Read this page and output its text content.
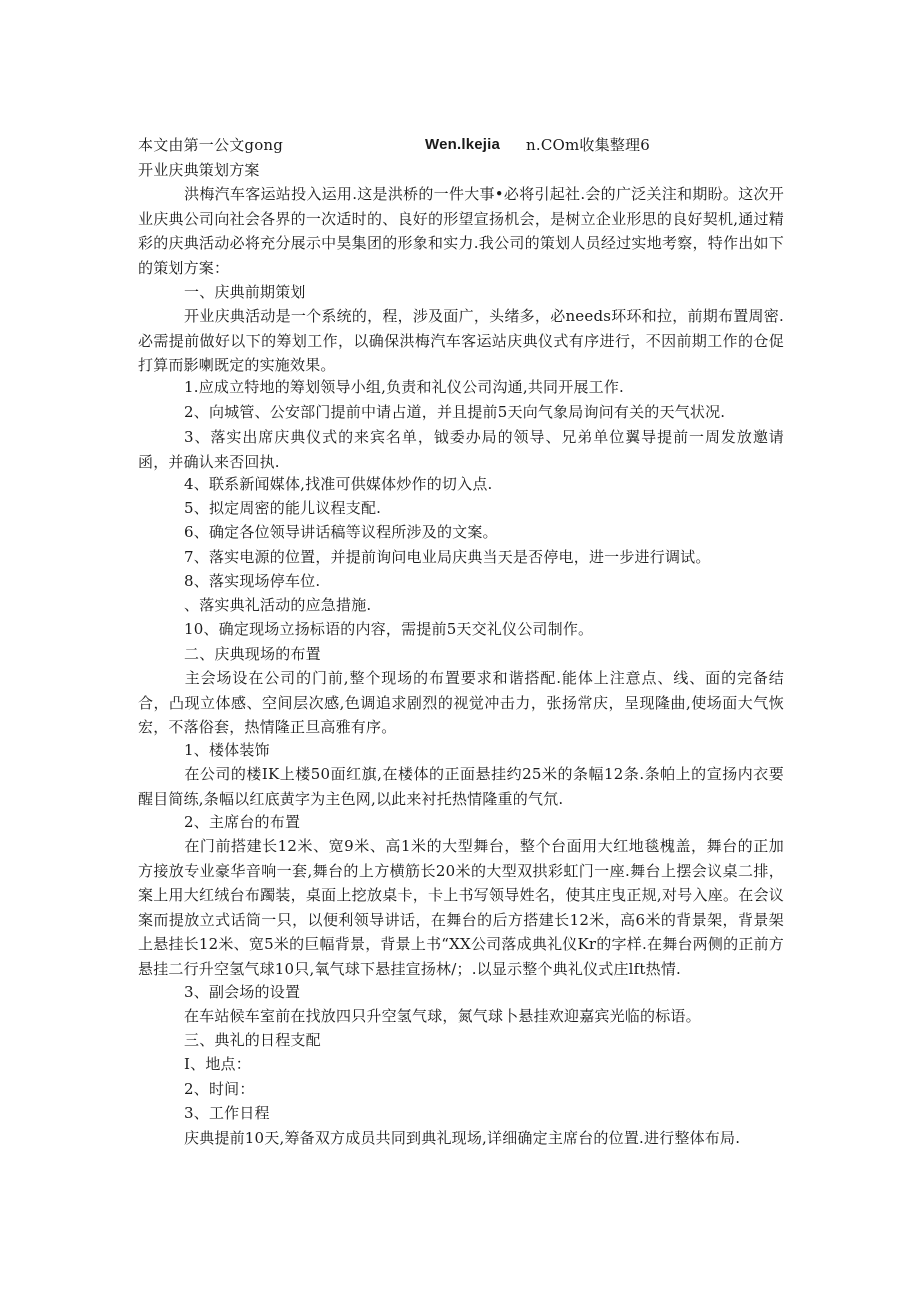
本文由第一公文gong	Wen.lkejia n.COm收集整理6
开业庆典策划方案
洪梅汽车客运站投入运用.这是洪桥的一件大事•必将引起社.会的广泛关注和期盼。这次开业庆典公司向社会各界的一次适时的、良好的形望宣扬机会，是树立企业形思的良好契机,通过精彩的庆典活动必将充分展示中昊集团的形象和实力.我公司的策划人员经过实地考察，特作出如下的策划方案：
一、庆典前期策划
开业庆典活动是一个系统的，程，涉及面广，头绪多，必needs环环和拉，前期布置周密.必需提前做好以下的筹划工作，以确保洪梅汽车客运站庆典仪式有序进行，不因前期工作的仓促打算而影喇既定的实施效果。
1.应成立特地的筹划领导小组,负责和礼仪公司沟通,共同开展工作.
2、向城管、公安部门提前中请占道，并且提前5天向气象局询问有关的天气状况.
3、落实出席庆典仪式的来宾名单，钺委办局的领导、兄弟单位翼导提前一周发放邀请函，并确认来否回执.
4、联系新闻媒体,找准可供媒体炒作的切入点.
5、拟定周密的能儿议程支配.
6、确定各位领导讲话稿等议程所涉及的文案。
7、落实电源的位置，并提前询问电业局庆典当天是否停电，进一步进行调试。
8、落实现场停车位.
、落实典礼活动的应急措施.
10、确定现场立扬标语的内容，需提前5天交礼仪公司制作。
二、庆典现场的布置
主会场设在公司的门前,整个现场的布置要求和谐搭配.能体上注意点、线、面的完备结合，凸现立体感、空间层次感,色调追求剧烈的视觉冲击力，张扬常庆，呈现隆曲,使场面大气恢宏，不落俗套，热情隆正旦高雅有序。
1、楼体装饰
在公司的楼IK上楼50面红旗,在楼体的正面悬挂约25米的条幅12条.条帕上的宣扬内衣要醒目简练,条幅以红底黄字为主色网,以此来衬托热情隆重的气氘.
2、主席台的布置
在门前搭建长12米、宽9米、高1米的大型舞台，整个台面用大红地毯槐盖，舞台的正加方接放专业豪华音响一套,舞台的上方横筋长20米的大型双拱彩虹门一座.舞台上摆会议桌二排，案上用大红绒台布躅装，桌面上挖放桌卡，卡上书写领导姓名，使其庄曳正规,对号入座。在会议案而提放立式话筒一只，以便利领导讲话，在舞台的后方搭建长12米，高6米的背景架，背景架上悬挂长12米、宽5米的巨幅背景，背景上书“XX公司落成典礼仪Kr的字样.在舞台两侧的正前方悬挂二行升空氢气球10只,氧气球下悬挂宣扬林/；.以显示整个典礼仪式庄lft热情.
3、副会场的设置
在车站候车室前在找放四只升空氢气球，氮气球卜悬挂欢迎嘉宾光临的标语。
三、典礼的日程支配
I、地点：
2、时间：
3、工作日程
庆典提前10天,筹备双方成员共同到典礼现场,详细确定主席台的位置.进行整体布局.
